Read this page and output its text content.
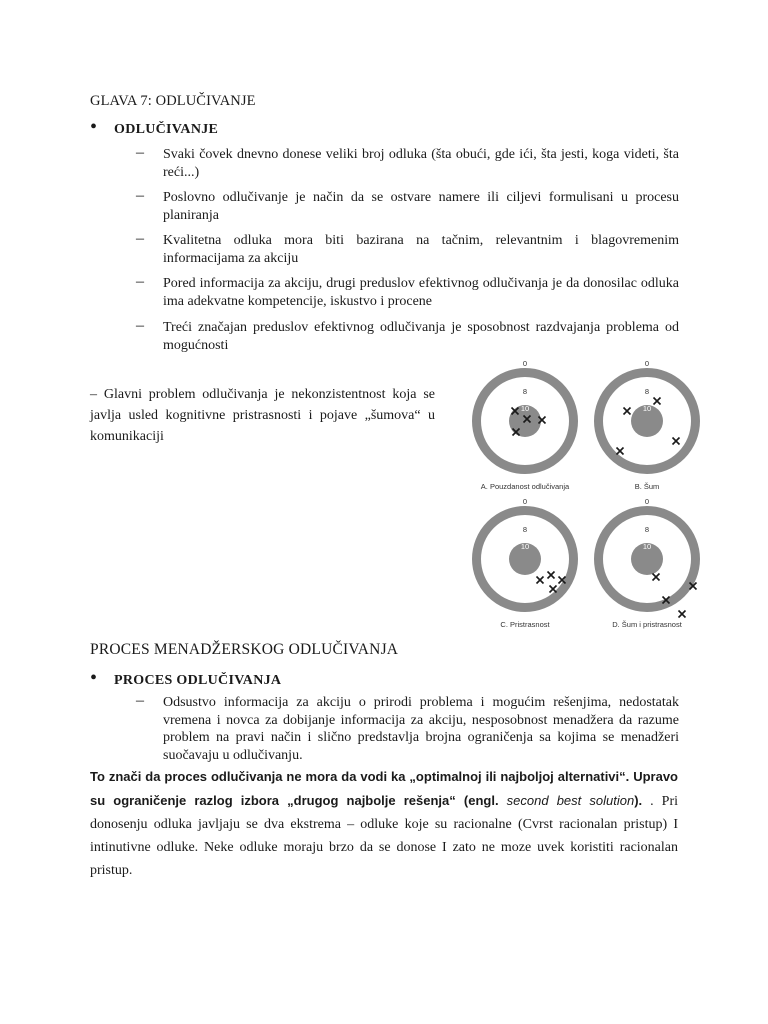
GLAVA 7: ODLUČIVANJE
•	ODLUČIVANJE
– Svaki čovek dnevno donese veliki broj odluka (šta obući, gde ići, šta jesti, koga videti, šta reći...)
– Poslovno odlučivanje je način da se ostvare namere ili ciljevi formulisani u procesu planiranja
– Kvalitetna odluka mora biti bazirana na tačnim, relevantnim i blagovremenim informacijama za akciju
– Pored informacija za akciju, drugi preduslov efektivnog odlučivanja je da donosilac odluka ima adekvatne kompetencije, iskustvo i procene
– Treći značajan preduslov efektivnog odlučivanja je sposobnost razdvajanja problema od mogućnosti
– Glavni problem odlučivanja je nekonzistentnost koja se javlja usled kognitivne pristrasnosti i pojave „šumova“ u komunikaciji
0
5
8
10
A. Pouzdanost odlučivanja
0
5
8
10
B. Šum
0
5
8
10
C. Pristrasnost
0
5
8
10
D. Šum i pristrasnost
PROCES MENADŽERSKOG ODLUČIVANJA
•	PROCES ODLUČIVANJA
– Odsustvo informacija za akciju o prirodi problema i mogućim rešenjima, nedostatak vremena i novca za dobijanje informacija za akciju, nesposobnost menadžera da razume problem na pravi način i slično predstavlja brojna ograničenja sa kojima se menadžeri suočavaju u odlučivanju.
To znači da proces odlučivanja ne mora da vodi ka „optimalnoj ili najboljoj alternativi“. Upravo su ograničenje razlog izbora „drugog najbolje rešenja“ (engl. second best solution). . Pri donosenju odluka javljaju se dva ekstrema – odluke koje su racionalne (Cvrst racionalan pristup) I intinutivne odluke. Neke odluke moraju brzo da se donose I zato ne moze uvek koristiti racionalan pristup.
